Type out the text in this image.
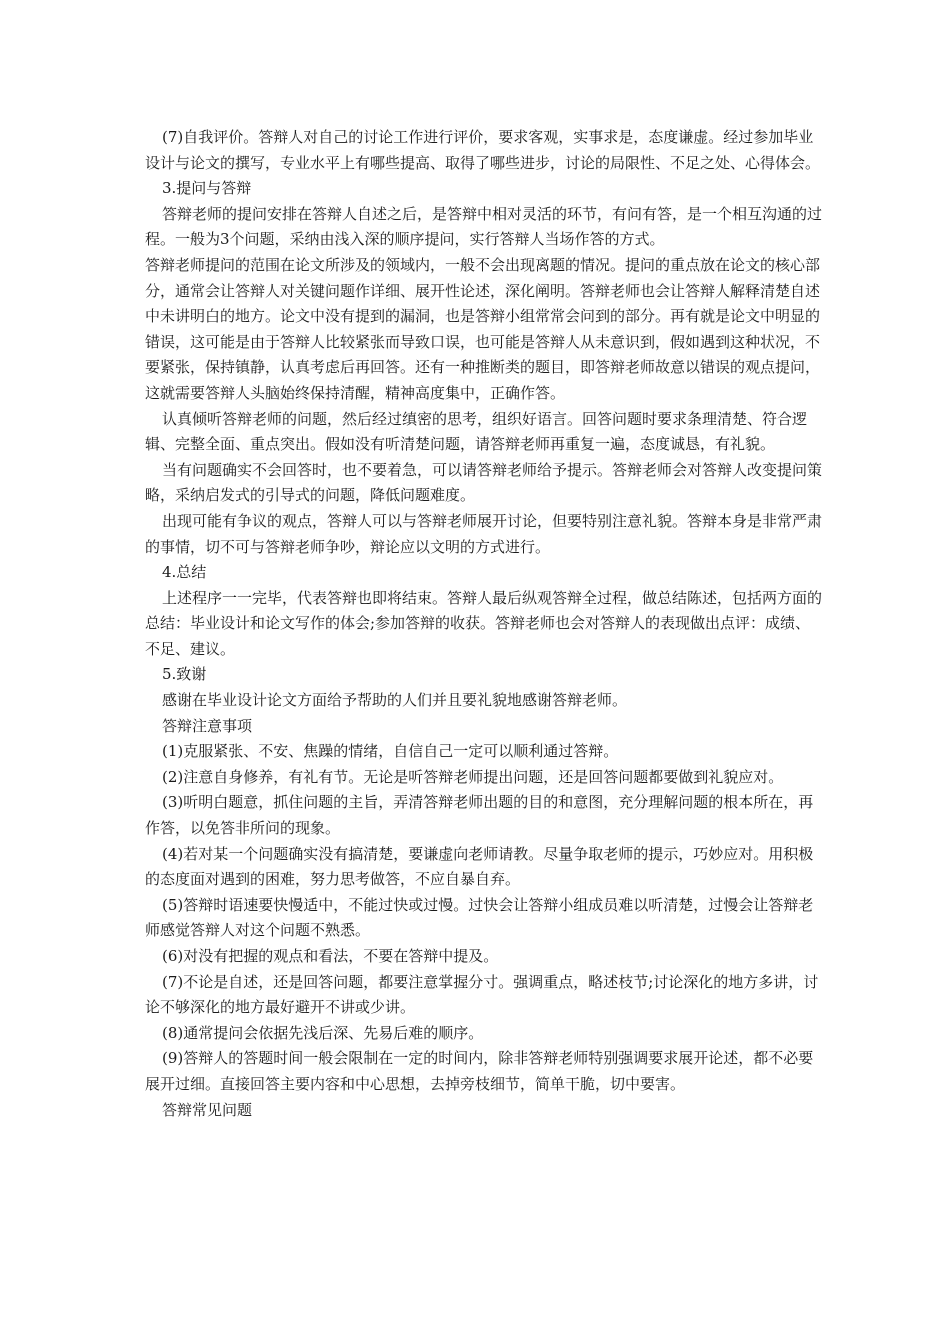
(7)自我评价。答辩人对自己的讨论工作进行评价，要求客观，实事求是，态度谦虚。经过参加毕业设计与论文的撰写，专业水平上有哪些提高、取得了哪些进步，讨论的局限性、不足之处、心得体会。

3.提问与答辩

答辩老师的提问安排在答辩人自述之后，是答辩中相对灵活的环节，有问有答，是一个相互沟通的过程。一般为3个问题，采纳由浅入深的顺序提问，实行答辩人当场作答的方式。

答辩老师提问的范围在论文所涉及的领域内，一般不会出现离题的情况。提问的重点放在论文的核心部分，通常会让答辩人对关键问题作详细、展开性论述，深化阐明。答辩老师也会让答辩人解释清楚自述中未讲明白的地方。论文中没有提到的漏洞，也是答辩小组常常会问到的部分。再有就是论文中明显的错误，这可能是由于答辩人比较紧张而导致口误，也可能是答辩人从未意识到，假如遇到这种状况，不要紧张，保持镇静，认真考虑后再回答。还有一种推断类的题目，即答辩老师故意以错误的观点提问，这就需要答辩人头脑始终保持清醒，精神高度集中，正确作答。

认真倾听答辩老师的问题，然后经过缜密的思考，组织好语言。回答问题时要求条理清楚、符合逻辑、完整全面、重点突出。假如没有听清楚问题，请答辩老师再重复一遍，态度诚恳，有礼貌。

当有问题确实不会回答时，也不要着急，可以请答辩老师给予提示。答辩老师会对答辩人改变提问策略，采纳启发式的引导式的问题，降低问题难度。

出现可能有争议的观点，答辩人可以与答辩老师展开讨论，但要特别注意礼貌。答辩本身是非常严肃的事情，切不可与答辩老师争吵，辩论应以文明的方式进行。

4.总结

上述程序一一完毕，代表答辩也即将结束。答辩人最后纵观答辩全过程，做总结陈述，包括两方面的总结：毕业设计和论文写作的体会;参加答辩的收获。答辩老师也会对答辩人的表现做出点评：成绩、不足、建议。

5.致谢

感谢在毕业设计论文方面给予帮助的人们并且要礼貌地感谢答辩老师。

答辩注意事项

(1)克服紧张、不安、焦躁的情绪，自信自己一定可以顺利通过答辩。

(2)注意自身修养，有礼有节。无论是听答辩老师提出问题，还是回答问题都要做到礼貌应对。

(3)听明白题意，抓住问题的主旨，弄清答辩老师出题的目的和意图，充分理解问题的根本所在，再作答，以免答非所问的现象。

(4)若对某一个问题确实没有搞清楚，要谦虚向老师请教。尽量争取老师的提示，巧妙应对。用积极的态度面对遇到的困难，努力思考做答，不应自暴自弃。

(5)答辩时语速要快慢适中，不能过快或过慢。过快会让答辩小组成员难以听清楚，过慢会让答辩老师感觉答辩人对这个问题不熟悉。

(6)对没有把握的观点和看法，不要在答辩中提及。

(7)不论是自述，还是回答问题，都要注意掌握分寸。强调重点，略述枝节;讨论深化的地方多讲，讨论不够深化的地方最好避开不讲或少讲。

(8)通常提问会依据先浅后深、先易后难的顺序。

(9)答辩人的答题时间一般会限制在一定的时间内，除非答辩老师特别强调要求展开论述，都不必要展开过细。直接回答主要内容和中心思想，去掉旁枝细节，简单干脆，切中要害。

答辩常见问题
